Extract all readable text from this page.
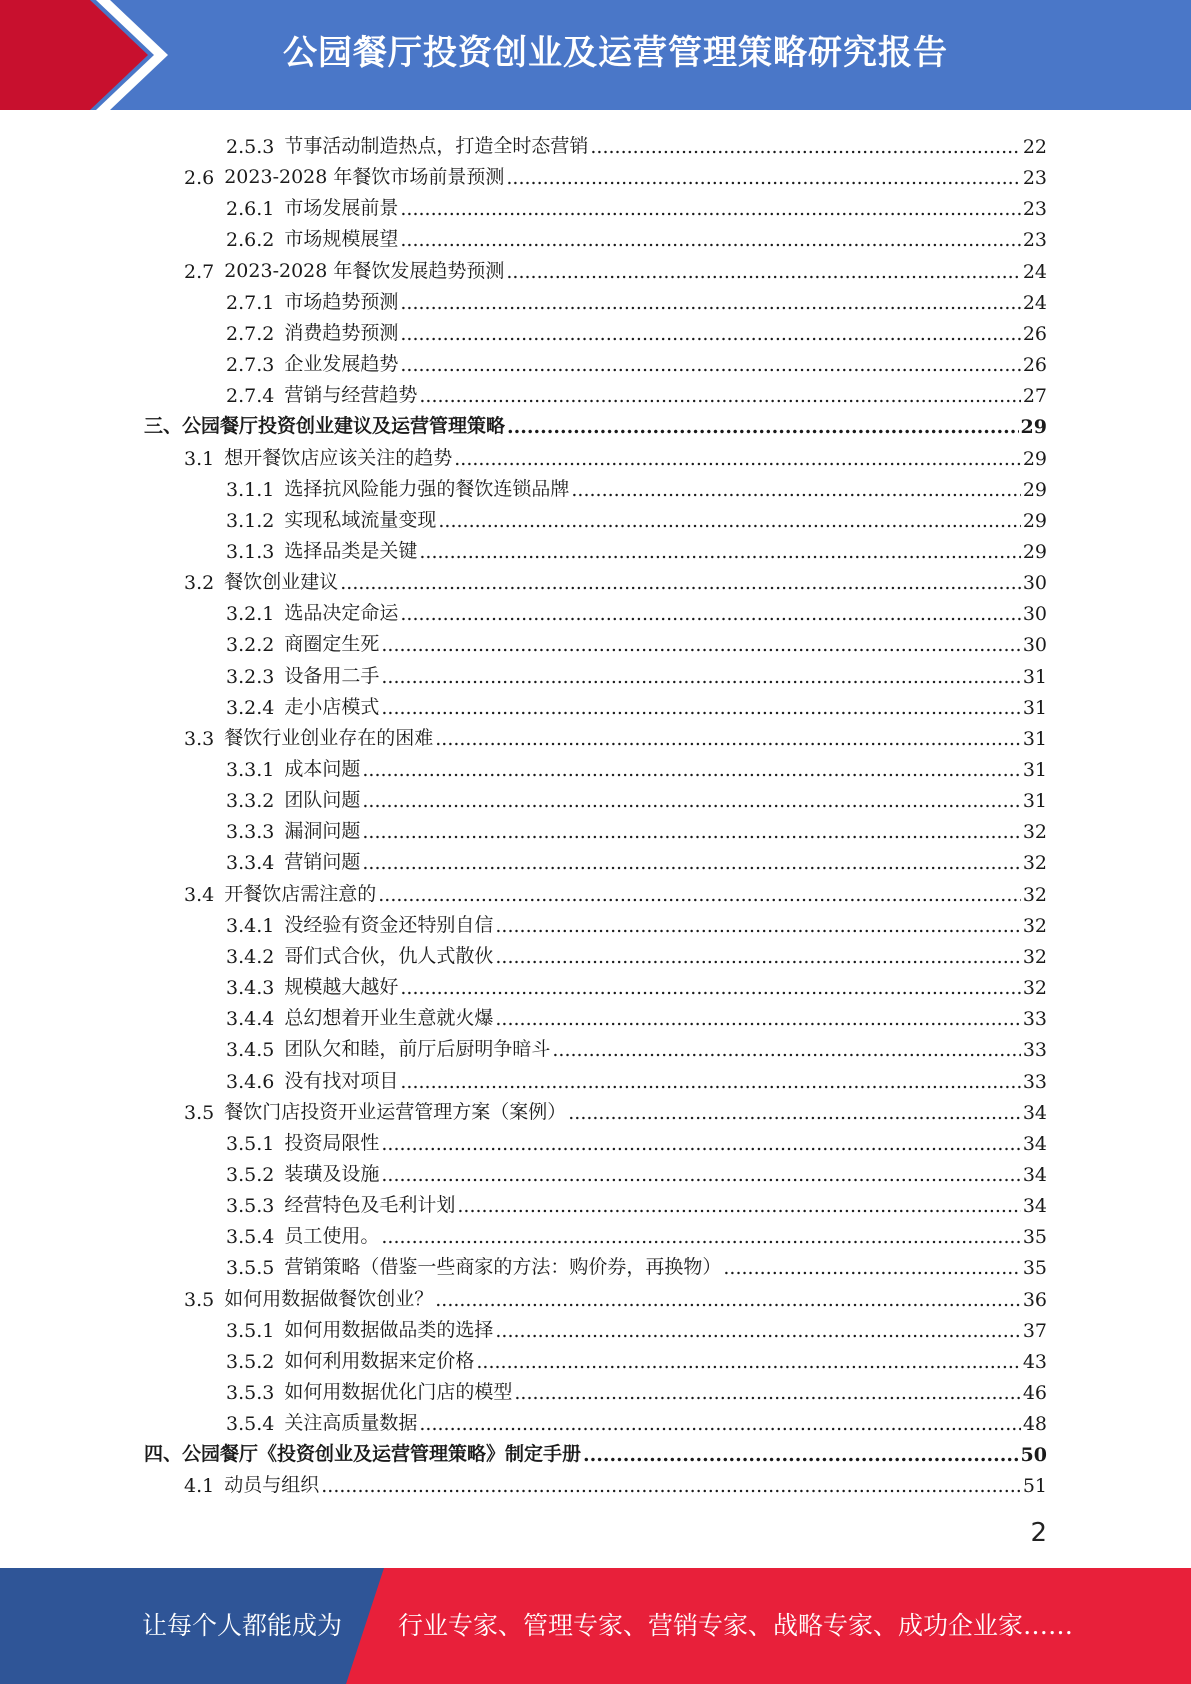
公园餐厅投资创业及运营管理策略研究报告
2.5.3 节事活动制造热点，打造全时态营销 .....	22
2.6 2023-2028 年餐饮市场前景预测 .....	23
2.6.1 市场发展前景 .....	23
2.6.2 市场规模展望 .....	23
2.7 2023-2028 年餐饮发展趋势预测 .....	24
2.7.1 市场趋势预测 .....	24
2.7.2 消费趋势预测 .....	26
2.7.3 企业发展趋势 .....	26
2.7.4 营销与经营趋势 .....	27
三、 公园餐厅投资创业建议及运营管理策略 .....	29
3.1 想开餐饮店应该关注的趋势 .....	29
3.1.1 选择抗风险能力强的餐饮连锁品牌 .....	29
3.1.2 实现私域流量变现 .....	29
3.1.3 选择品类是关键 .....	29
3.2 餐饮创业建议 .....	30
3.2.1 选品决定命运 .....	30
3.2.2 商圈定生死 .....	30
3.2.3 设备用二手 .....	31
3.2.4 走小店模式 .....	31
3.3 餐饮行业创业存在的困难 .....	31
3.3.1 成本问题 .....	31
3.3.2 团队问题 .....	31
3.3.3 漏洞问题 .....	32
3.3.4 营销问题 .....	32
3.4 开餐饮店需注意的 .....	32
3.4.1 没经验有资金还特别自信 .....	32
3.4.2 哥们式合伙，仇人式散伙 .....	32
3.4.3 规模越大越好 .....	32
3.4.4 总幻想着开业生意就火爆 .....	33
3.4.5 团队欠和睦，前厅后厨明争暗斗 .....	33
3.4.6 没有找对项目 .....	33
3.5 餐饮门店投资开业运营管理方案（案例） .....	34
3.5.1 投资局限性 .....	34
3.5.2 装璜及设施 .....	34
3.5.3 经营特色及毛利计划 .....	34
3.5.4 员工使用。 .....	35
3.5.5 营销策略（借鉴一些商家的方法：购价券，再换物） .....	35
3.5 如何用数据做餐饮创业？ .....	36
3.5.1 如何用数据做品类的选择 .....	37
3.5.2 如何利用数据来定价格 .....	43
3.5.3 如何用数据优化门店的模型 .....	46
3.5.4 关注高质量数据 .....	48
四、 公园餐厅《投资创业及运营管理策略》制定手册 .....	50
4.1 动员与组织 .....	51
2
让每个人都能成为 行业专家、管理专家、营销专家、战略专家、成功企业家……
